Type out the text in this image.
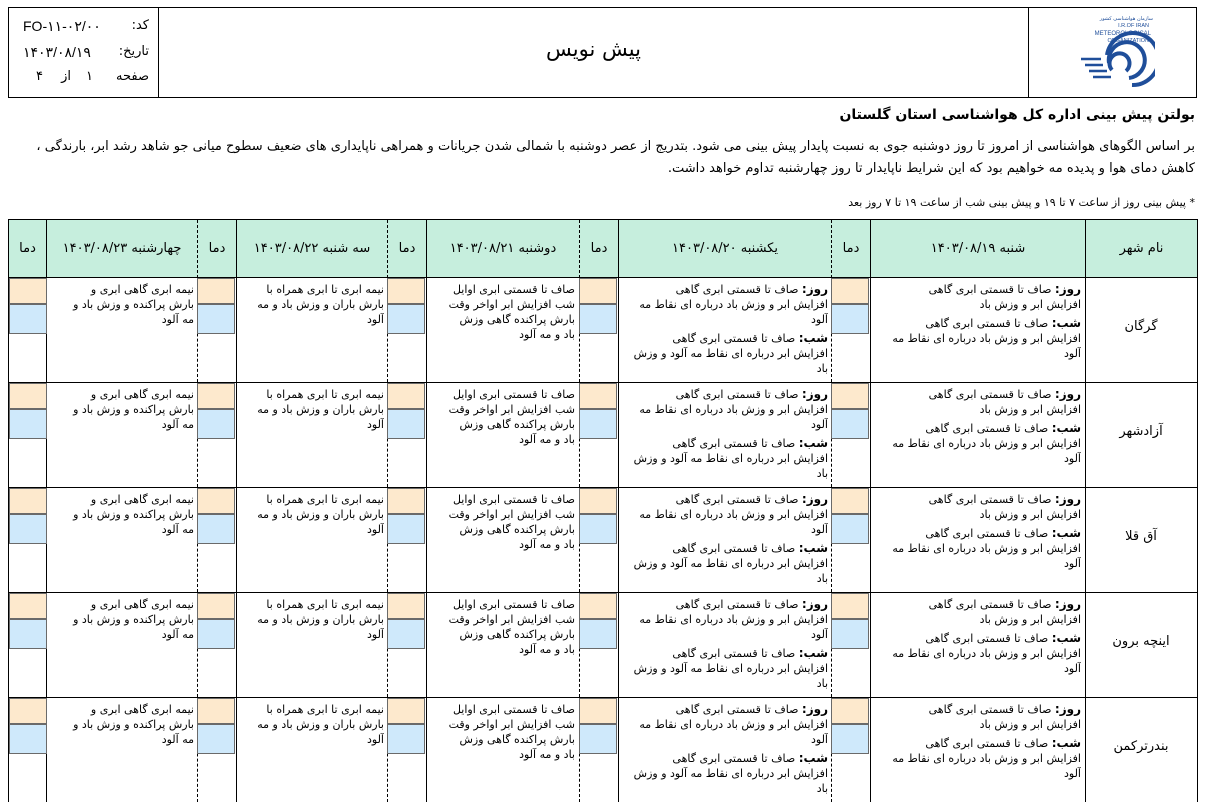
کد:
FO-۱۱-۰۲/۰۰
تاریخ:
۱۴۰۳/۰۸/۱۹
صفحه
۱
از
۴
پیش نویس
سازمان هواشناسی کشور
I.R.OF IRAN
METEOROLOGICAL
ORGANIZATION
بولتن پیش بینی اداره کل هواشناسی استان گلستان
بر اساس الگوهای هواشناسی از امروز تا روز دوشنبه جوی به نسبت پایدار پیش بینی می شود. بتدریج از عصر دوشنبه با شمالی شدن جریانات و همراهی ناپایداری های ضعیف سطوح میانی جو شاهد رشد ابر، بارندگی ،
کاهش دمای هوا و پدیده مه خواهیم بود که این شرایط ناپایدار تا روز چهارشنبه تداوم خواهد داشت.
* پیش بینی روز از ساعت ۷ تا ۱۹ و پیش بینی شب از ساعت ۱۹ تا ۷ روز بعد
نام شهر
شنبه ۱۴۰۳/۰۸/۱۹
دما
یکشنبه ۱۴۰۳/۰۸/۲۰
دما
دوشنبه ۱۴۰۳/۰۸/۲۱
دما
سه شنبه ۱۴۰۳/۰۸/۲۲
دما
چهارشنبه ۱۴۰۳/۰۸/۲۳
دما
گرگان
روز: صاف تا قسمتی ابری گاهی
افزایش ابر و وزش باد
شب: صاف تا قسمتی ابری گاهی
افزایش ابر و وزش باد درباره ای نقاط مه
آلود
روز: صاف تا قسمتی ابری گاهی
افزایش ابر و وزش باد درباره ای نقاط مه
آلود
شب: صاف تا قسمتی ابری گاهی
افزایش ابر درباره ای نقاط مه آلود و وزش
باد
صاف تا قسمتی ابری اوایل
شب افزایش ابر اواخر وقت
بارش پراکنده گاهی وزش
باد و مه آلود
نیمه ابری تا ابری همراه با
بارش باران و وزش باد و مه
آلود
نیمه ابری گاهی ابری و
بارش پراکنده و وزش باد و
مه آلود
آزادشهر
روز: صاف تا قسمتی ابری گاهی
افزایش ابر و وزش باد
شب: صاف تا قسمتی ابری گاهی
افزایش ابر و وزش باد درباره ای نقاط مه
آلود
روز: صاف تا قسمتی ابری گاهی
افزایش ابر و وزش باد درباره ای نقاط مه
آلود
شب: صاف تا قسمتی ابری گاهی
افزایش ابر درباره ای نقاط مه آلود و وزش
باد
صاف تا قسمتی ابری اوایل
شب افزایش ابر اواخر وقت
بارش پراکنده گاهی وزش
باد و مه آلود
نیمه ابری تا ابری همراه با
بارش باران و وزش باد و مه
آلود
نیمه ابری گاهی ابری و
بارش پراکنده و وزش باد و
مه آلود
آق قلا
روز: صاف تا قسمتی ابری گاهی
افزایش ابر و وزش باد
شب: صاف تا قسمتی ابری گاهی
افزایش ابر و وزش باد درباره ای نقاط مه
آلود
روز: صاف تا قسمتی ابری گاهی
افزایش ابر و وزش باد درباره ای نقاط مه
آلود
شب: صاف تا قسمتی ابری گاهی
افزایش ابر درباره ای نقاط مه آلود و وزش
باد
صاف تا قسمتی ابری اوایل
شب افزایش ابر اواخر وقت
بارش پراکنده گاهی وزش
باد و مه آلود
نیمه ابری تا ابری همراه با
بارش باران و وزش باد و مه
آلود
نیمه ابری گاهی ابری و
بارش پراکنده و وزش باد و
مه آلود
اینچه برون
روز: صاف تا قسمتی ابری گاهی
افزایش ابر و وزش باد
شب: صاف تا قسمتی ابری گاهی
افزایش ابر و وزش باد درباره ای نقاط مه
آلود
روز: صاف تا قسمتی ابری گاهی
افزایش ابر و وزش باد درباره ای نقاط مه
آلود
شب: صاف تا قسمتی ابری گاهی
افزایش ابر درباره ای نقاط مه آلود و وزش
باد
صاف تا قسمتی ابری اوایل
شب افزایش ابر اواخر وقت
بارش پراکنده گاهی وزش
باد و مه آلود
نیمه ابری تا ابری همراه با
بارش باران و وزش باد و مه
آلود
نیمه ابری گاهی ابری و
بارش پراکنده و وزش باد و
مه آلود
بندرترکمن
روز: صاف تا قسمتی ابری گاهی
افزایش ابر و وزش باد
شب: صاف تا قسمتی ابری گاهی
افزایش ابر و وزش باد درباره ای نقاط مه
آلود
روز: صاف تا قسمتی ابری گاهی
افزایش ابر و وزش باد درباره ای نقاط مه
آلود
شب: صاف تا قسمتی ابری گاهی
افزایش ابر درباره ای نقاط مه آلود و وزش
باد
صاف تا قسمتی ابری اوایل
شب افزایش ابر اواخر وقت
بارش پراکنده گاهی وزش
باد و مه آلود
نیمه ابری تا ابری همراه با
بارش باران و وزش باد و مه
آلود
نیمه ابری گاهی ابری و
بارش پراکنده و وزش باد و
مه آلود
